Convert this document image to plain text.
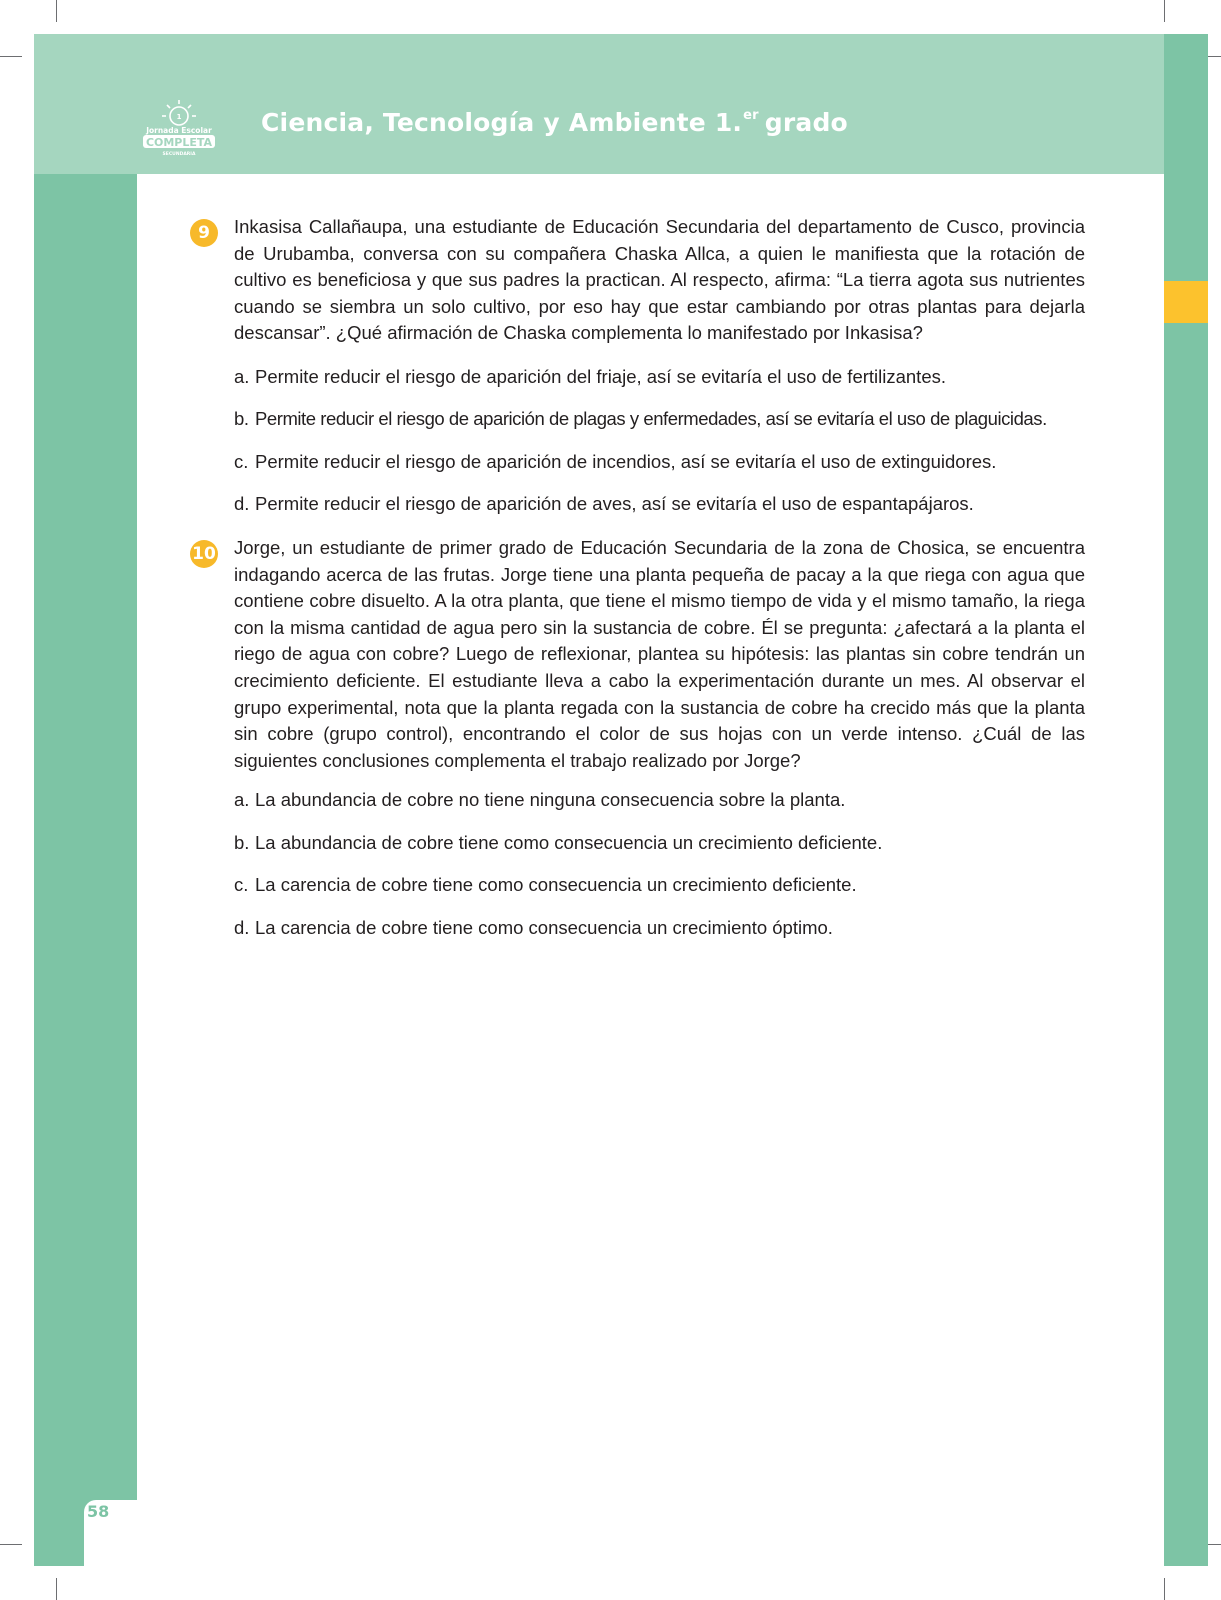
1
Jornada Escolar
COMPLETA
SECUNDARIA
Ciencia, Tecnología y Ambiente 1.$^{er}$ grado
9	Inkasisa Callañaupa, una estudiante de Educación Secundaria del departamento de Cusco, provincia de Urubamba, conversa con su compañera Chaska Allca, a quien le manifiesta que la rotación de cultivo es beneficiosa y que sus padres la practican. Al respecto, afirma: “La tierra agota sus nutrientes cuando se siembra un solo cultivo, por eso hay que estar cambiando por otras plantas para dejarla descansar”. ¿Qué afirmación de Chaska complementa lo manifestado por Inkasisa?

a. Permite reducir el riesgo de aparición del friaje, así se evitaría el uso de fertilizantes.
b. Permite reducir el riesgo de aparición de plagas y enfermedades, así se evitaría el uso de plaguicidas.
c. Permite reducir el riesgo de aparición de incendios, así se evitaría el uso de extinguidores.
d. Permite reducir el riesgo de aparición de aves, así se evitaría el uso de espantapájaros.
10 Jorge, un estudiante de primer grado de Educación Secundaria de la zona de Chosica, se encuentra indagando acerca de las frutas. Jorge tiene una planta pequeña de pacay a la que riega con agua que contiene cobre disuelto. A la otra planta, que tiene el mismo tiempo de vida y el mismo tamaño, la riega con la misma cantidad de agua pero sin la sustancia de cobre. Él se pregunta: ¿afectará a la planta el riego de agua con cobre? Luego de reflexionar, plantea su hipótesis: las plantas sin cobre tendrán un crecimiento deficiente. El estudiante lleva a cabo la experimentación durante un mes. Al observar el grupo experimental, nota que la planta regada con la sustancia de cobre ha crecido más que la planta sin cobre (grupo control), encontrando el color de sus hojas con un verde intenso. ¿Cuál de las siguientes conclusiones complementa el trabajo realizado por Jorge?

a. La abundancia de cobre no tiene ninguna consecuencia sobre la planta.
b. La abundancia de cobre tiene como consecuencia un crecimiento deficiente.
c. La carencia de cobre tiene como consecuencia un crecimiento deficiente.
d. La carencia de cobre tiene como consecuencia un crecimiento óptimo.
58
